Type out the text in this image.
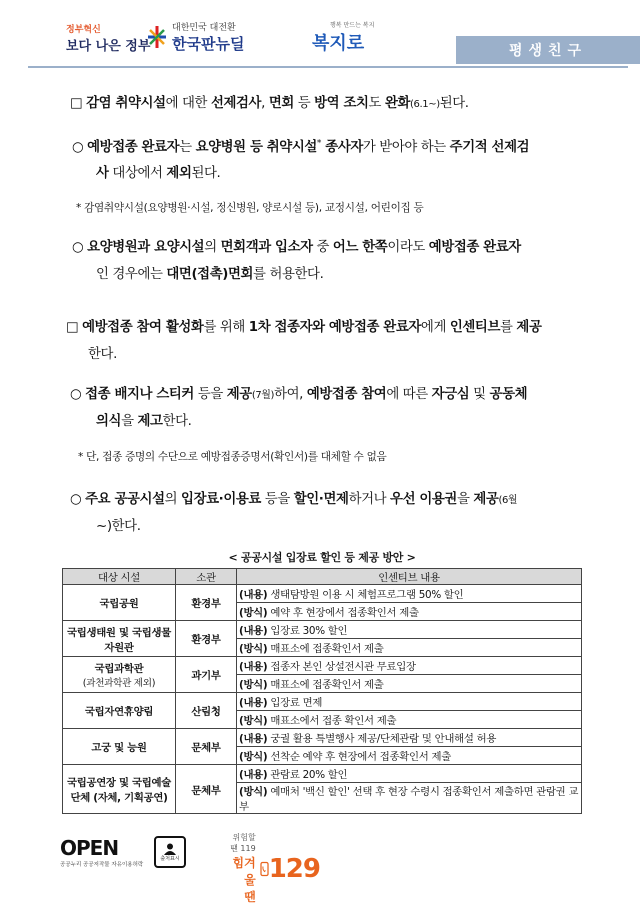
정부혁신
보다 나은 정부
대한민국 대전환
한국판뉴딜
행복 만드는 복지
복지로	평생친구
□ 감염 취약시설에 대한 선제검사, 면회 등 방역 조치도 완화(6.1~)된다.
○ 예방접종 완료자는 요양병원 등 취약시설* 종사자가 받아야 하는 주기적 선제검
사 대상에서 제외된다.
* 감염취약시설(요양병원·시설, 정신병원, 양로시설 등), 교정시설, 어린이집 등
○ 요양병원과 요양시설의 면회객과 입소자 중 어느 한쪽이라도 예방접종 완료자
인 경우에는 대면(접촉)면회를 허용한다.
□ 예방접종 참여 활성화를 위해 1차 접종자와 예방접종 완료자에게 인센티브를 제공
한다.
○ 접종 배지나 스티커 등을 제공(7월)하여, 예방접종 참여에 따른 자긍심 및 공동체
의식을 제고한다.
* 단, 접종 증명의 수단으로 예방접종증명서(확인서)를 대체할 수 없음
○ 주요 공공시설의 입장료·이용료 등을 할인·면제하거나 우선 이용권을 제공(6월
~)한다.
< 공공시설 입장료 할인 등 제공 방안 >
대상 시설	소관	인센티브 내용

국립공원	환경부	(내용) 생태탐방원 이용 시 체험프로그램 50% 할인
		(방식) 예약 후 현장에서 접종확인서 제출

국립생태원 및 국립생물자원관	환경부	(내용) 입장료 30% 할인
		(방식) 매표소에 접종확인서 제출

국립과학관
(과천과학관 제외)	과기부	(내용) 접종자 본인 상설전시관 무료입장
		(방식) 매표소에 접종확인서 제출

국립자연휴양림	산림청	(내용) 입장료 면제
		(방식) 매표소에서 접종 확인서 제출

고궁 및 능원	문체부	(내용) 궁궐 활용 특별행사 제공/단체관람 및 안내해설 허용
		(방식) 선착순 예약 후 현장에서 접종확인서 제출

국립공연장 및 국립예술단체 (자체, 기획공연)	문체부	(내용) 관람료 20% 할인
		(방식) 예매처 '백신 할인' 선택 후 현장 수령시 접종확인서 제출하면 관람권 교부
OPEN
공공누리 공공저작물 자유이용허락
출처표시
위험할 땐 119
힘겨울 땐
129
